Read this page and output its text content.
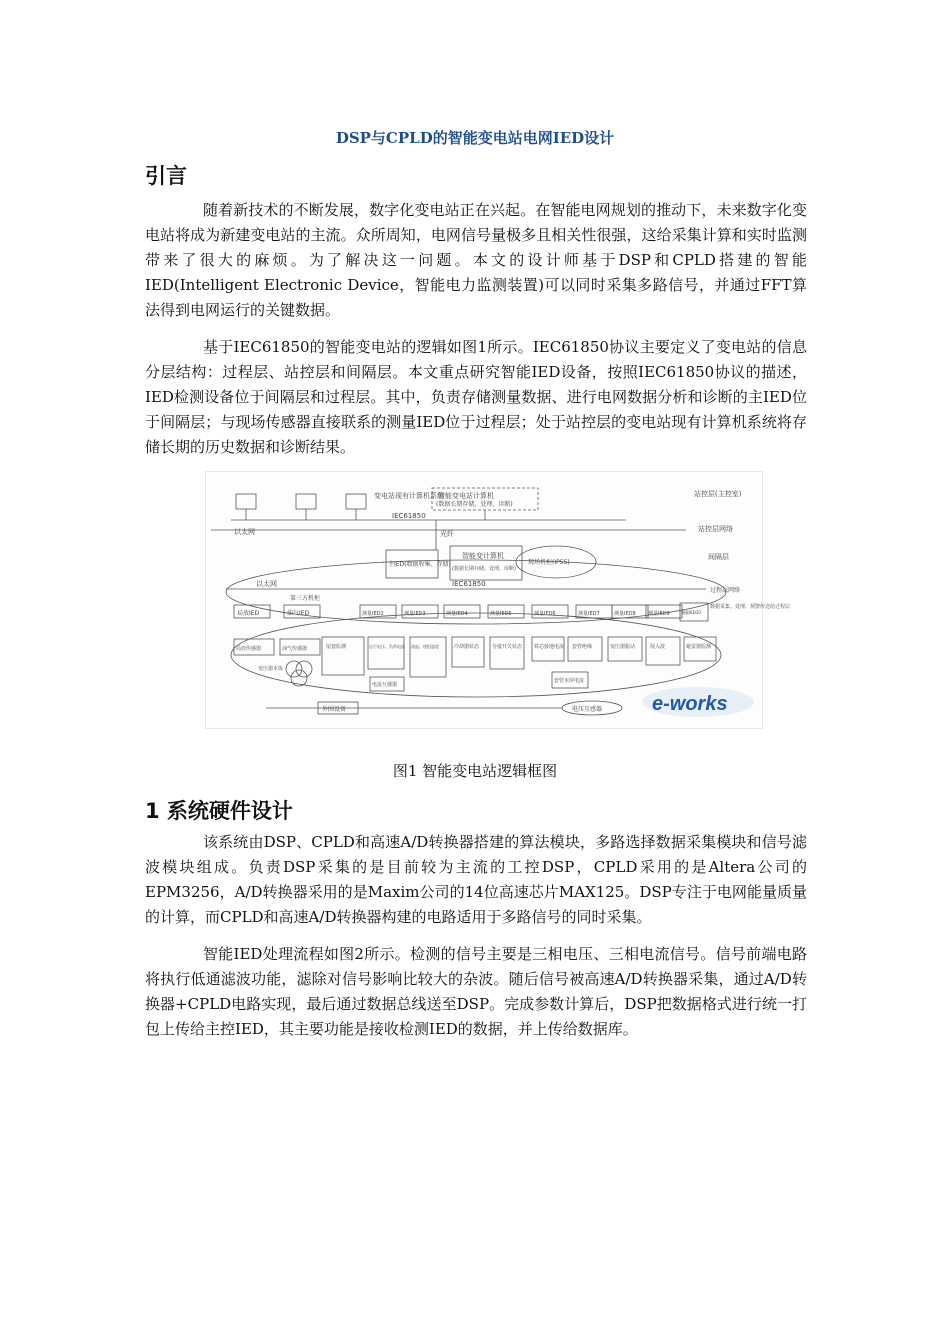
DSP与CPLD的智能变电站电网IED设计
引言

随着新技术的不断发展，数字化变电站正在兴起。在智能电网规划的推动下，未来数字化变电站将成为新建变电站的主流。众所周知，电网信号量极多且相关性很强，这给采集计算和实时监测带来了很大的麻烦。为了解决这一问题。本文的设计师基于DSP和CPLD搭建的智能IED(Intelligent Electronic Device，智能电力监测装置)可以同时采集多路信号，并通过FFT算法得到电网运行的关键数据。

基于IEC61850的智能变电站的逻辑如图1所示。IEC61850协议主要定义了变电站的信息分层结构：过程层、站控层和间隔层。本文重点研究智能IED设备，按照IEC61850协议的描述，IED检测设备位于间隔层和过程层。其中，负责存储测量数据、进行电网数据分析和诊断的主IED位于间隔层；与现场传感器直接联系的测量IED位于过程层；处于站控层的变电站现有计算机系统将存储长期的历史数据和诊断结果。

变电站现有计算机系统
智能变电站计算机
(数据长期存储、处理、诊断)
IEC61850
以太网	光纤
站控层(主控室)
站控层网络
间隔层
主IED(数据收集、存储)
智能变计算机
(数据长期存储、处理、诊断)
现场机柜(IP55)
以太网	IEC61850
第三方机柜
过程层网络
数据采集、处理、预警传送给过程层
局放IED	油气IED	测量IED2	测量IED3	测量IED4	测量IED5	测量IED6	测量IED7	测量IED8 测量IED9	测量IED10
局放传感器	油气传感器	尾套监测	运行电压、负荷电流 油温、绕组温度	冷却器状态	分接开关状态 铁芯接地电流 套管绝缘	变压器振动	侵入波	避雷器监测
变压器本体
电流互感器
套管末屏电流
外围设备	电压互感器 e-works
图1 智能变电站逻辑框图
1 系统硬件设计

该系统由DSP、CPLD和高速A/D转换器搭建的算法模块，多路选择数据采集模块和信号滤波模块组成。负责DSP采集的是目前较为主流的工控DSP，CPLD采用的是Altera公司的EPM3256，A/D转换器采用的是Maxim公司的14位高速芯片MAX125。DSP专注于电网能量质量的计算，而CPLD和高速A/D转换器构建的电路适用于多路信号的同时采集。

智能IED处理流程如图2所示。检测的信号主要是三相电压、三相电流信号。信号前端电路将执行低通滤波功能，滤除对信号影响比较大的杂波。随后信号被高速A/D转换器采集，通过A/D转换器+CPLD电路实现，最后通过数据总线送至DSP。完成参数计算后，DSP把数据格式进行统一打包上传给主控IED，其主要功能是接收检测IED的数据，并上传给数据库。
